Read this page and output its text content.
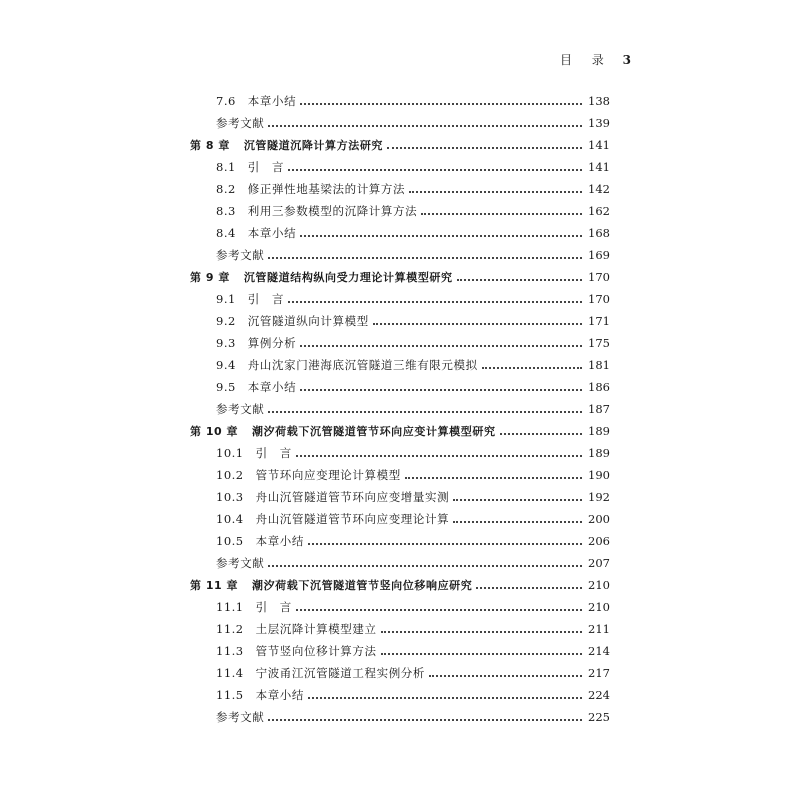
目 录 3
7.6 本章小结	138
参考文献	139
第 8 章 沉管隧道沉降计算方法研究	141
8.1 引　言	141
8.2 修正弹性地基梁法的计算方法	142
8.3 利用三参数模型的沉降计算方法	162
8.4 本章小结	168
参考文献	169
第 9 章 沉管隧道结构纵向受力理论计算模型研究	170
9.1 引　言	170
9.2 沉管隧道纵向计算模型	171
9.3 算例分析	175
9.4 舟山沈家门港海底沉管隧道三维有限元模拟	181
9.5 本章小结	186
参考文献	187
第 10 章 潮汐荷载下沉管隧道管节环向应变计算模型研究	189
10.1 引　言	189
10.2 管节环向应变理论计算模型	190
10.3 舟山沉管隧道管节环向应变增量实测	192
10.4 舟山沉管隧道管节环向应变理论计算	200
10.5 本章小结	206
参考文献	207
第 11 章 潮汐荷载下沉管隧道管节竖向位移响应研究	210
11.1 引　言	210
11.2 土层沉降计算模型建立	211
11.3 管节竖向位移计算方法	214
11.4 宁波甬江沉管隧道工程实例分析	217
11.5 本章小结	224
参考文献	225
